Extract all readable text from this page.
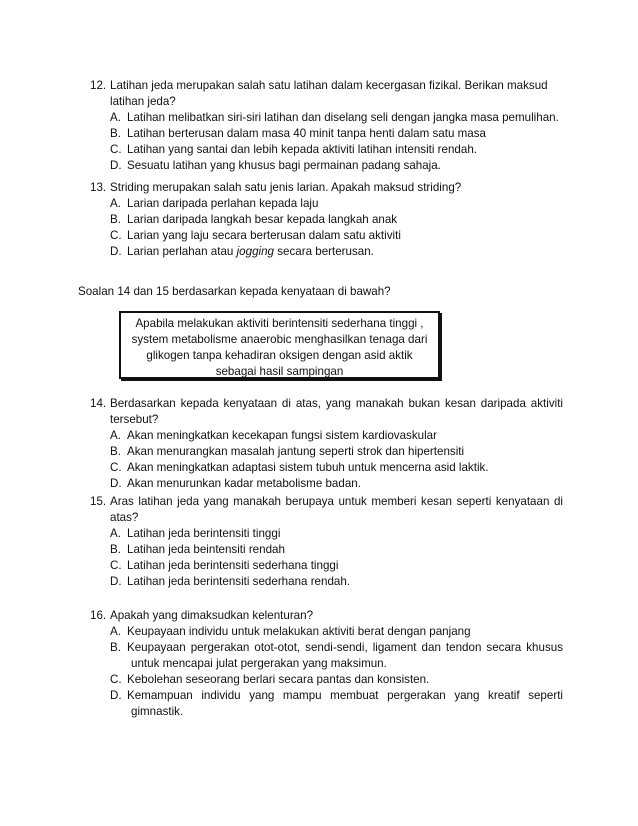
12. Latihan jeda merupakan salah satu latihan dalam kecergasan fizikal. Berikan maksud
latihan jeda?
A. Latihan melibatkan siri-siri latihan dan diselang seli dengan jangka masa pemulihan.
B. Latihan berterusan dalam masa 40 minit tanpa henti dalam satu masa
C. Latihan yang santai dan lebih kepada aktiviti latihan intensiti rendah.
D. Sesuatu latihan yang khusus bagi permainan padang sahaja.
13. Striding merupakan salah satu jenis larian. Apakah maksud striding?
A. Larian daripada perlahan kepada laju
B. Larian daripada langkah besar kepada langkah anak
C. Larian yang laju secara berterusan dalam satu aktiviti
D. Larian perlahan atau jogging secara berterusan.
Soalan 14 dan 15 berdasarkan kepada kenyataan di bawah?
Apabila melakukan aktiviti berintensiti sederhana tinggi ,
system metabolisme anaerobic menghasilkan tenaga dari
glikogen tanpa kehadiran oksigen dengan asid aktik
sebagai hasil sampingan
14. Berdasarkan kepada kenyataan di atas, yang manakah bukan kesan daripada aktiviti
tersebut?
A. Akan meningkatkan kecekapan fungsi sistem kardiovaskular
B. Akan menurangkan masalah jantung seperti strok dan hipertensiti
C. Akan meningkatkan adaptasi sistem tubuh untuk mencerna asid laktik.
D. Akan menurunkan kadar metabolisme badan.
15. Aras latihan jeda yang manakah berupaya untuk memberi kesan seperti kenyataan di
atas?
A. Latihan jeda berintensiti tinggi
B. Latihan jeda beintensiti rendah
C. Latihan jeda berintensiti sederhana tinggi
D. Latihan jeda berintensiti sederhana rendah.
16. Apakah yang dimaksudkan kelenturan?
A. Keupayaan individu untuk melakukan aktiviti berat dengan panjang
B. Keupayaan pergerakan otot-otot, sendi-sendi, ligament dan tendon secara khusus
untuk mencapai julat pergerakan yang maksimun.
C. Kebolehan seseorang berlari secara pantas dan konsisten.
D. Kemampuan individu yang mampu membuat pergerakan yang kreatif seperti
gimnastik.
